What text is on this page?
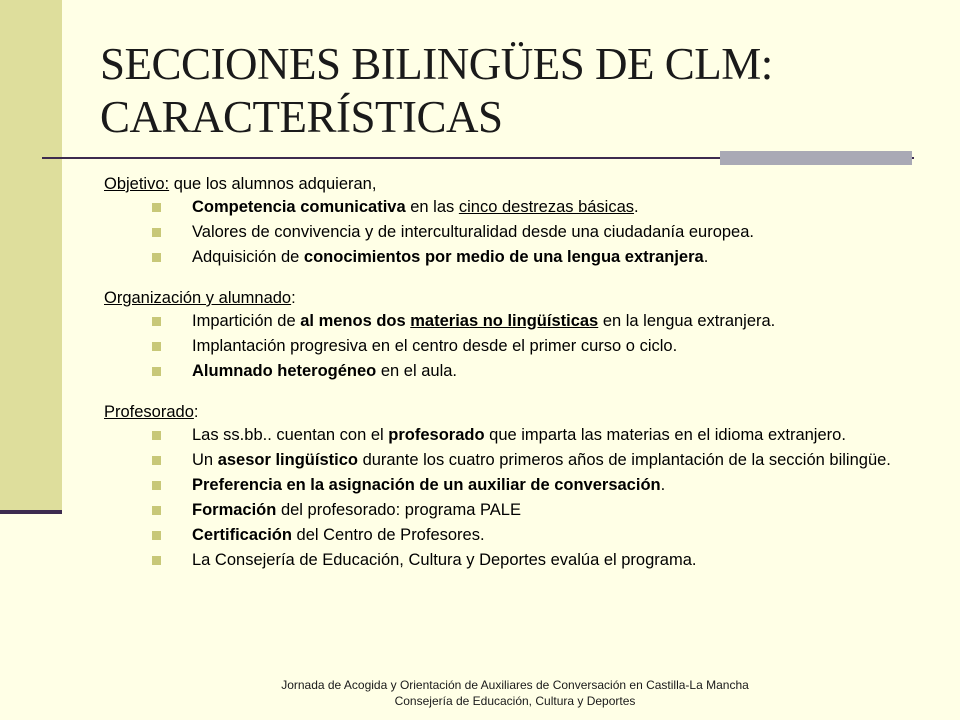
SECCIONES BILINGÜES DE CLM:
CARACTERÍSTICAS
Objetivo: que los alumnos adquieran,
Competencia comunicativa en las cinco destrezas básicas.
Valores de convivencia y de interculturalidad desde una ciudadanía europea.
Adquisición de conocimientos por medio de una lengua extranjera.
Organización y alumnado:
Impartición de al menos dos materias no lingüísticas en la lengua extranjera.
Implantación progresiva en el centro desde el primer curso o ciclo.
Alumnado heterogéneo en el aula.
Profesorado:
Las ss.bb.. cuentan con el profesorado que imparta las materias en el idioma extranjero.
Un asesor lingüístico durante los cuatro primeros años de implantación de la sección bilingüe.
Preferencia en la asignación de un auxiliar de conversación.
Formación del profesorado: programa PALE
Certificación del Centro de Profesores.
La Consejería de Educación, Cultura y Deportes evalúa el programa.
Jornada de Acogida y Orientación de Auxiliares de Conversación en Castilla-La Mancha
Consejería de Educación, Cultura y Deportes
